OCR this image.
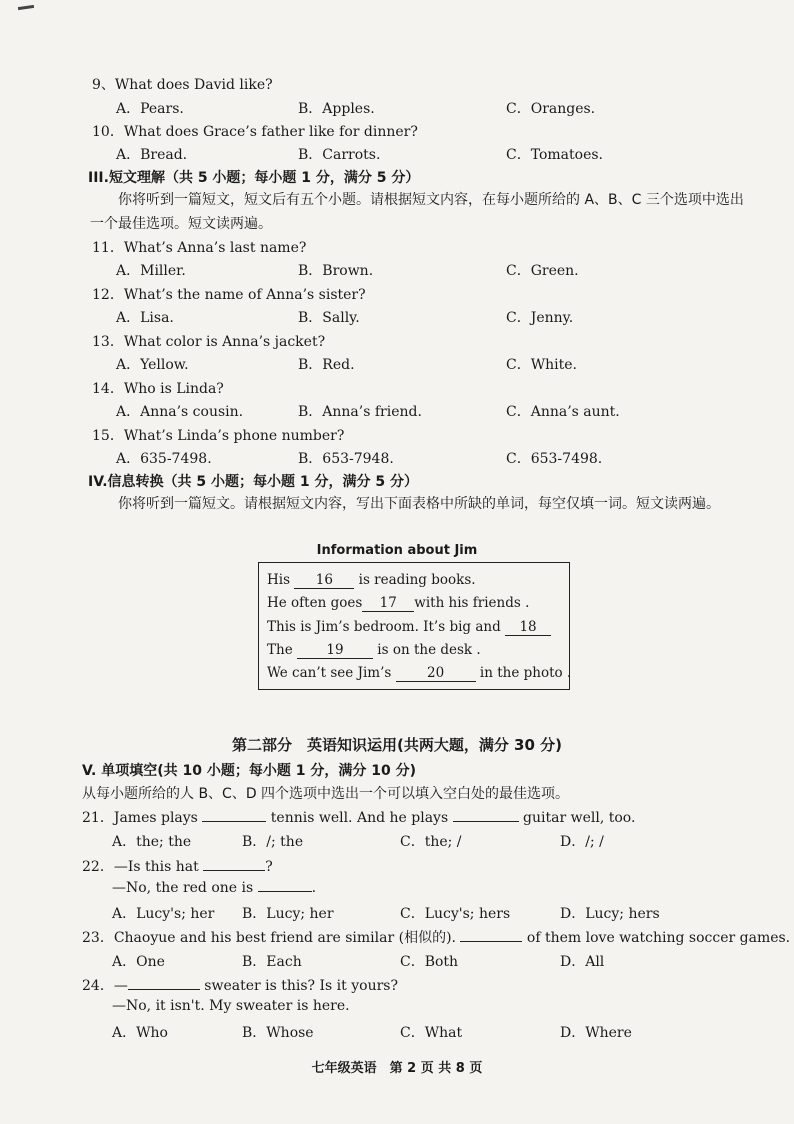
9、What does David like?
A．Pears.	B．Apples.	C．Oranges.
10．What does Grace’s father like for dinner?
A．Bread.	B．Carrots.	C．Tomatoes.
III.短文理解（共 5 小题；每小题 1 分，满分 5 分）
你将听到一篇短文，短文后有五个小题。请根据短文内容，在每小题所给的 A、B、C 三个选项中选出一个最佳选项。短文读两遍。
11．What’s Anna’s last name?
A．Miller.	B．Brown.	C．Green.
12．What’s the name of Anna’s sister?
A．Lisa.	B．Sally.	C．Jenny.
13．What color is Anna’s jacket?
A．Yellow.	B．Red.	C．White.
14．Who is Linda?
A．Anna’s cousin.	B．Anna’s friend.	C．Anna’s aunt.
15．What’s Linda’s phone number?
A．635-7498.	B．653-7948.	C．653-7498.
IV.信息转换（共 5 小题；每小题 1 分，满分 5 分）
你将听到一篇短文。请根据短文内容，写出下面表格中所缺的单词，每空仅填一词。短文读两遍。
Information about Jim
His 16 is reading books.
He often goes 17 with his friends .
This is Jim’s bedroom. It’s big and 18
The 19 is on the desk .
We can’t see Jim’s	20	in the photo .
第二部分　英语知识运用(共两大题，满分 30 分)
V. 单项填空(共 10 小题；每小题 1 分，满分 10 分)
从每小题所给的人 B、C、D 四个选项中选出一个可以填入空白处的最佳选项。
21．James plays	tennis well. And he plays	guitar well, too.
A．the; the	B．/; the	C．the; /	D．/; /
22．—Is this hat	?
—No, the red one is	.
A．Lucy's; her B．Lucy; her	C．Lucy's; hers	D．Lucy; hers
23．Chaoyue and his best friend are similar (相似的).	of them love watching soccer games.
A．One	B．Each	C．Both	D．All
24．—	sweater is this? Is it yours?
—No, it isn't. My sweater is here.
A．Who	B．Whose	C．What	D．Where
七年级英语　第 2 页 共 8 页
